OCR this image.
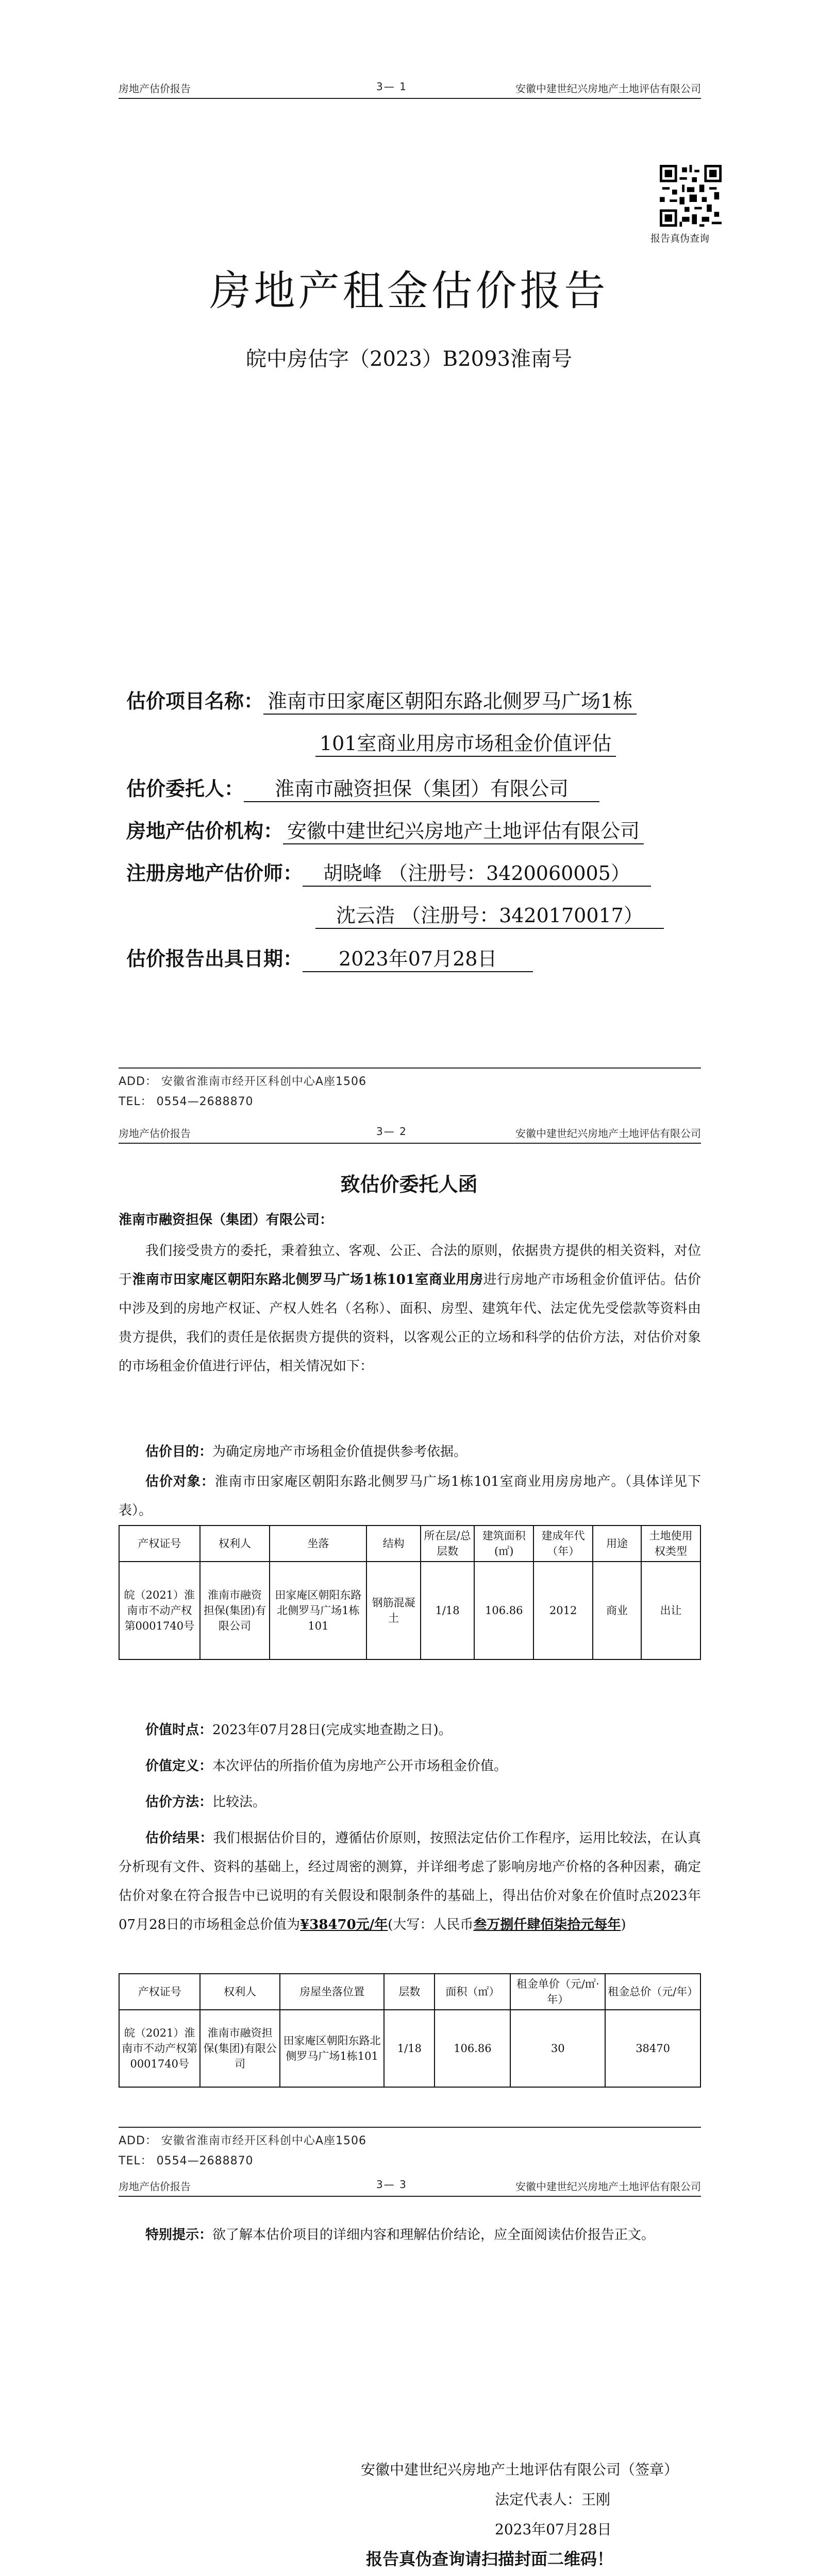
房地产估价报告	3— 1	安徽中建世纪兴房地产土地评估有限公司
报告真伪查询
房地产租金估价报告
皖中房估字（2023）B2093淮南号
估价项目名称： 淮南市田家庵区朝阳东路北侧罗马广场1栋
101室商业用房市场租金价值评估
估价委托人： 淮南市融资担保（集团）有限公司
房地产估价机构： 安徽中建世纪兴房地产土地评估有限公司
注册房地产估价师： 胡晓峰 （注册号：3420060005）
沈云浩 （注册号：3420170017）
估价报告出具日期： 2023年07月28日
ADD： 安徽省淮南市经开区科创中心A座1506
TEL： 0554—2688870
房地产估价报告	3— 2	安徽中建世纪兴房地产土地评估有限公司
致估价委托人函
淮南市融资担保（集团）有限公司：
我们接受贵方的委托，秉着独立、客观、公正、合法的原则，依据贵方提供的相关资料，对位于淮南市田家庵区朝阳东路北侧罗马广场1栋101室商业用房进行房地产市场租金价值评估。估价中涉及到的房地产权证、产权人姓名（名称）、面积、房型、建筑年代、法定优先受偿款等资料由贵方提供，我们的责任是依据贵方提供的资料，以客观公正的立场和科学的估价方法，对估价对象的市场租金价值进行评估，相关情况如下：
估价目的：为确定房地产市场租金价值提供参考依据。
估价对象：淮南市田家庵区朝阳东路北侧罗马广场1栋101室商业用房房地产。（具体详见下表）。
产权证号	权利人	坐落	结构	所在层/总层数	建筑面积(㎡)	建成年代（年）	用途	土地使用权类型
皖（2021）淮南市不动产权第0001740号	淮南市融资担保(集团)有限公司	田家庵区朝阳东路北侧罗马广场1栋101	钢筋混凝土	1/18	106.86	2012	商业	出让
价值时点：2023年07月28日(完成实地查勘之日)。
价值定义：本次评估的所指价值为房地产公开市场租金价值。
估价方法：比较法。
估价结果：我们根据估价目的，遵循估价原则，按照法定估价工作程序，运用比较法，在认真分析现有文件、资料的基础上，经过周密的测算，并详细考虑了影响房地产价格的各种因素，确定估价对象在符合报告中已说明的有关假设和限制条件的基础上，得出估价对象在价值时点2023年07月28日的市场租金总价值为¥38470元/年(大写：人民币叁万捌仟肆佰柒拾元每年)
产权证号	权利人	房屋坐落位置	层数	面积（㎡）	租金单价（元/㎡·年）	租金总价（元/年）
皖（2021）淮南市不动产权第0001740号	淮南市融资担保(集团)有限公司	田家庵区朝阳东路北侧罗马广场1栋101	1/18	106.86	30	38470
ADD： 安徽省淮南市经开区科创中心A座1506
TEL： 0554—2688870
房地产估价报告	3— 3	安徽中建世纪兴房地产土地评估有限公司
特别提示：欲了解本估价项目的详细内容和理解估价结论，应全面阅读估价报告正文。
安徽中建世纪兴房地产土地评估有限公司（签章）
法定代表人：王刚
2023年07月28日
报告真伪查询请扫描封面二维码！
